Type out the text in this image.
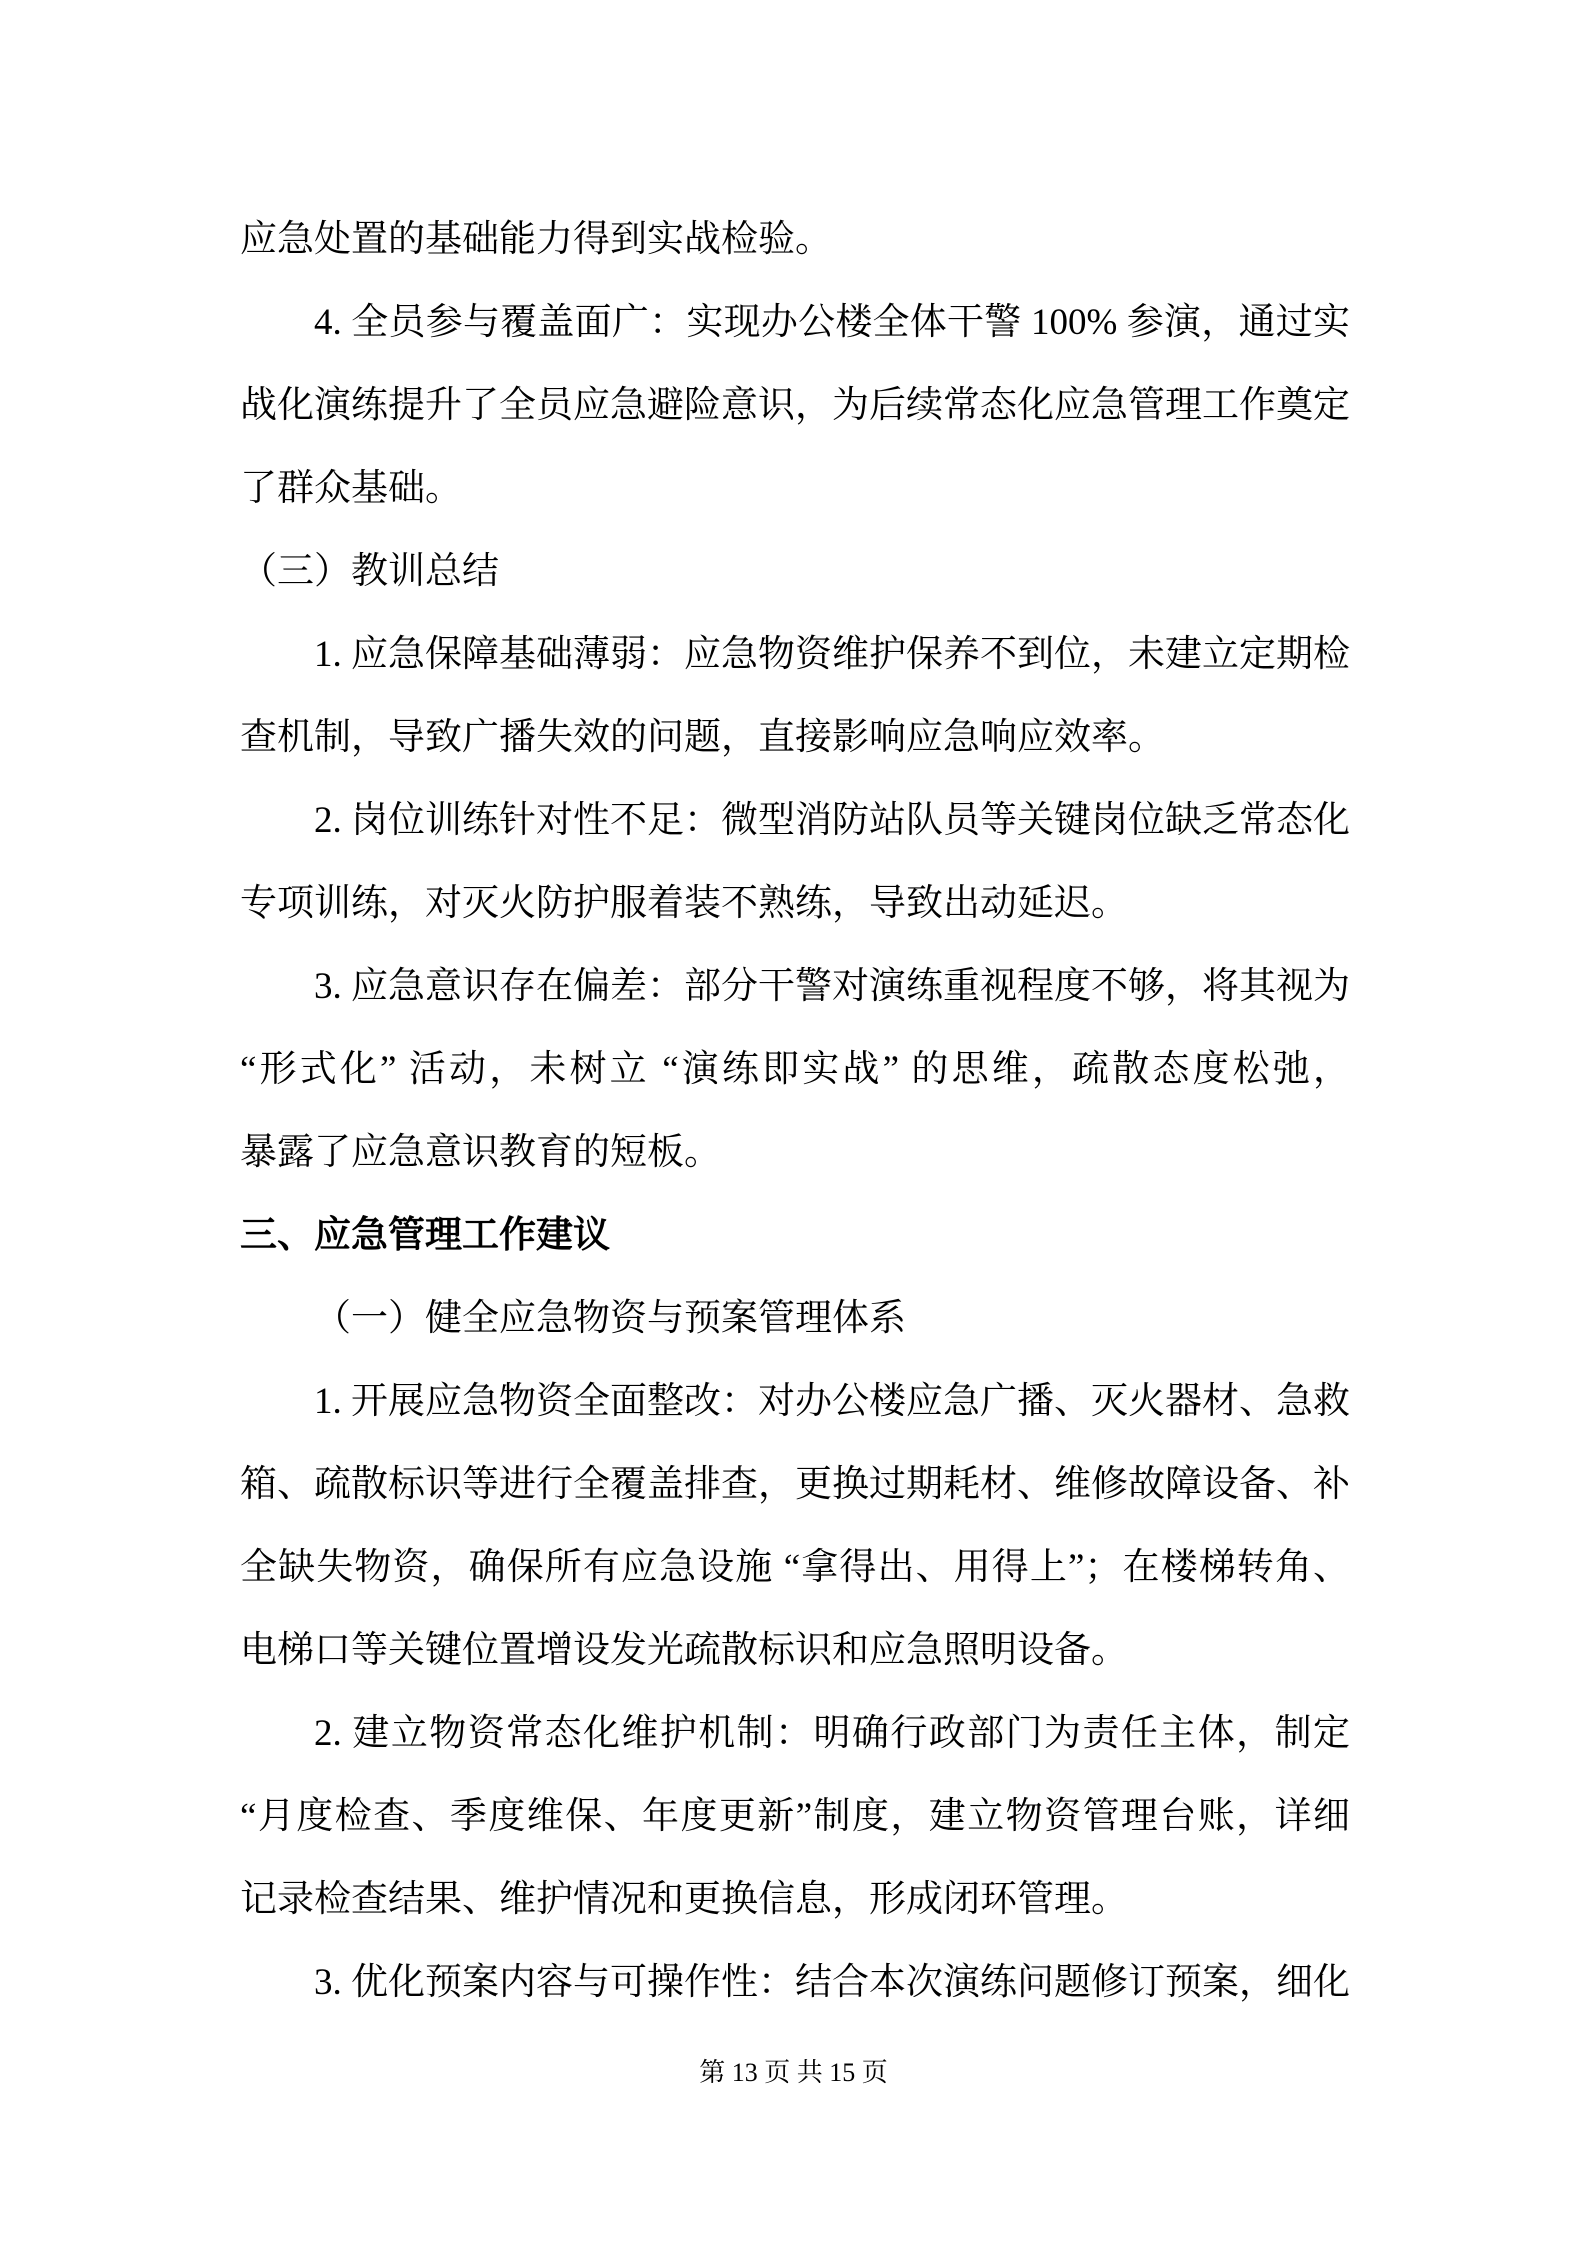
应急处置的基础能力得到实战检验。
4. 全员参与覆盖面广：实现办公楼全体干警 100% 参演，通过实
战化演练提升了全员应急避险意识，为后续常态化应急管理工作奠定
了群众基础。
（三）教训总结
1. 应急保障基础薄弱：应急物资维护保养不到位，未建立定期检
查机制，导致广播失效的问题，直接影响应急响应效率。
2. 岗位训练针对性不足：微型消防站队员等关键岗位缺乏常态化
专项训练，对灭火防护服着装不熟练，导致出动延迟。
3. 应急意识存在偏差：部分干警对演练重视程度不够，将其视为
“形式化” 活动，未树立 “演练即实战” 的思维，疏散态度松弛，
暴露了应急意识教育的短板。
三、应急管理工作建议
（一）健全应急物资与预案管理体系
1. 开展应急物资全面整改：对办公楼应急广播、灭火器材、急救
箱、疏散标识等进行全覆盖排查，更换过期耗材、维修故障设备、补
全缺失物资，确保所有应急设施 “拿得出、用得上”；在楼梯转角、
电梯口等关键位置增设发光疏散标识和应急照明设备。
2. 建立物资常态化维护机制：明确行政部门为责任主体，制定
“月度检查、季度维保、年度更新”制度，建立物资管理台账，详细
记录检查结果、维护情况和更换信息，形成闭环管理。
3. 优化预案内容与可操作性：结合本次演练问题修订预案，细化
第 13 页 共 15 页
